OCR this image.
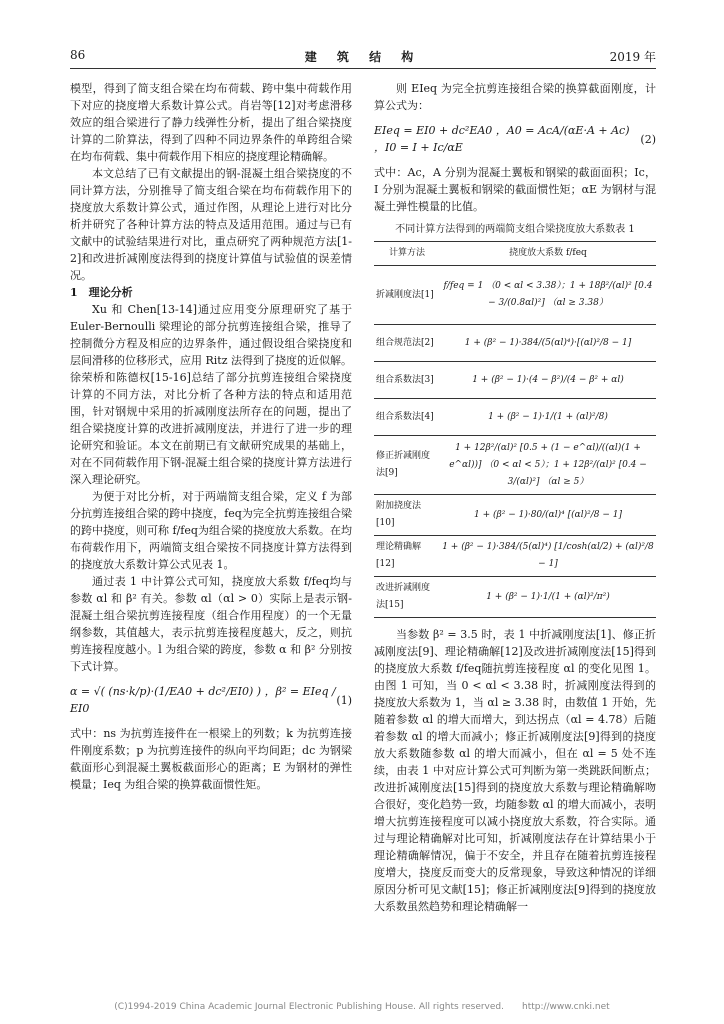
86	建 筑 结 构	2019 年

模型，得到了简支组合梁在均布荷载、跨中集中荷载作用下对应的挠度增大系数计算公式。肖岩等[12]对考虑滑移效应的组合梁进行了静力线弹性分析，提出了组合梁挠度计算的二阶算法，得到了四种不同边界条件的单跨组合梁在均布荷载、集中荷载作用下相应的挠度理论精确解。

本文总结了已有文献提出的钢-混凝土组合梁挠度的不同计算方法，分别推导了简支组合梁在均布荷载作用下的挠度放大系数计算公式，通过作图，从理论上进行对比分析并研究了各种计算方法的特点及适用范围。通过与已有文献中的试验结果进行对比，重点研究了两种规范方法[1-2]和改进折减刚度法得到的挠度计算值与试验值的误差情况。

1　理论分析

Xu 和 Chen[13-14]通过应用变分原理研究了基于 Euler-Bernoulli 梁理论的部分抗剪连接组合梁，推导了控制微分方程及相应的边界条件，通过假设组合梁挠度和层间滑移的位移形式，应用 Ritz 法得到了挠度的近似解。徐荣桥和陈德权[15-16]总结了部分抗剪连接组合梁挠度计算的不同方法，对比分析了各种方法的特点和适用范围，针对钢规中采用的折减刚度法所存在的问题，提出了组合梁挠度计算的改进折减刚度法，并进行了进一步的理论研究和验证。本文在前期已有文献研究成果的基础上，对在不同荷载作用下钢-混凝土组合梁的挠度计算方法进行深入理论研究。

为便于对比分析，对于两端简支组合梁，定义 f 为部分抗剪连接组合梁的跨中挠度，feq为完全抗剪连接组合梁的跨中挠度，则可称 f/feq为组合梁的挠度放大系数。在均布荷载作用下，两端简支组合梁按不同挠度计算方法得到的挠度放大系数计算公式见表 1。

通过表 1 中计算公式可知，挠度放大系数 f/feq均与参数 αl 和 β² 有关。参数 αl（αl > 0）实际上是表示钢-混凝土组合梁抗剪连接程度（组合作用程度）的一个无量纲参数，其值越大，表示抗剪连接程度越大，反之，则抗剪连接程度越小。l 为组合梁的跨度，参数 α 和 β² 分别按下式计算。

α = √( (ns·k/p)·(1/EA0 + dc²/EI0) ) ，β² = EIeq / EI0
(1)

式中：ns 为抗剪连接件在一根梁上的列数；k 为抗剪连接件刚度系数；p 为抗剪连接件的纵向平均间距；dc 为钢梁截面形心到混凝土翼板截面形心的距离；E 为钢材的弹性模量；Ieq 为组合梁的换算截面惯性矩。

则 EIeq 为完全抗剪连接组合梁的换算截面刚度，计算公式为：

EIeq = EI0 + dc²EA0 ，A0 = AcA/(αE·A + Ac) ，I0 = I + Ic/αE
(2)

式中：Ac，A 分别为混凝土翼板和钢梁的截面面积；Ic，I 分别为混凝土翼板和钢梁的截面惯性矩；αE 为钢材与混凝土弹性模量的比值。

不同计算方法得到的两端简支组合梁挠度放大系数表 1
计算方法	挠度放大系数 f/feq
折减刚度法[1]	f/feq = 1 （0 < αl < 3.38）；1 + 18β²/(αl)² [0.4 − 3/(0.8αl)²] （αl ≥ 3.38）
组合规范法[2]	1 + (β² − 1)·384/(5(αl)⁴)·[(αl)²/8 − 1]
组合系数法[3]	1 + (β² − 1)·(4 − β²)/(4 − β² + αl)
组合系数法[4]	1 + (β² − 1)·1/(1 + (αl)²/8)
修正折减刚度法[9]	1 + 12β²/(αl)² [0.5 + (1 − e^αl)/((αl)(1 + e^αl))] （0 < αl < 5）；1 + 12β²/(αl)² [0.4 − 3/(αl)²] （αl ≥ 5）
附加挠度法[10]	1 + (β² − 1)·80/(αl)⁴ [(αl)²/8 − 1]
理论精确解[12]	1 + (β² − 1)·384/(5(αl)⁴) [1/cosh(αl/2) + (αl)²/8 − 1]
改进折减刚度法[15]	1 + (β² − 1)·1/(1 + (αl)²/π²)

当参数 β² = 3.5 时，表 1 中折减刚度法[1]、修正折减刚度法[9]、理论精确解[12]及改进折减刚度法[15]得到的挠度放大系数 f/feq随抗剪连接程度 αl 的变化见图 1。由图 1 可知，当 0 < αl < 3.38 时，折减刚度法得到的挠度放大系数为 1，当 αl ≥ 3.38 时，由数值 1 开始，先随着参数 αl 的增大而增大，到达拐点（αl = 4.78）后随着参数 αl 的增大而减小；修正折减刚度法[9]得到的挠度放大系数随参数 αl 的增大而减小，但在 αl = 5 处不连续，由表 1 中对应计算公式可判断为第一类跳跃间断点；改进折减刚度法[15]得到的挠度放大系数与理论精确解吻合很好，变化趋势一致，均随参数 αl 的增大而减小，表明增大抗剪连接程度可以减小挠度放大系数，符合实际。通过与理论精确解对比可知，折减刚度法存在计算结果小于理论精确解情况，偏于不安全，并且存在随着抗剪连接程度增大，挠度反而变大的反常现象，导致这种情况的详细原因分析可见文献[15]；修正折减刚度法[9]得到的挠度放大系数虽然趋势和理论精确解一

(C)1994-2019 China Academic Journal Electronic Publishing House. All rights reserved.　　http://www.cnki.net
